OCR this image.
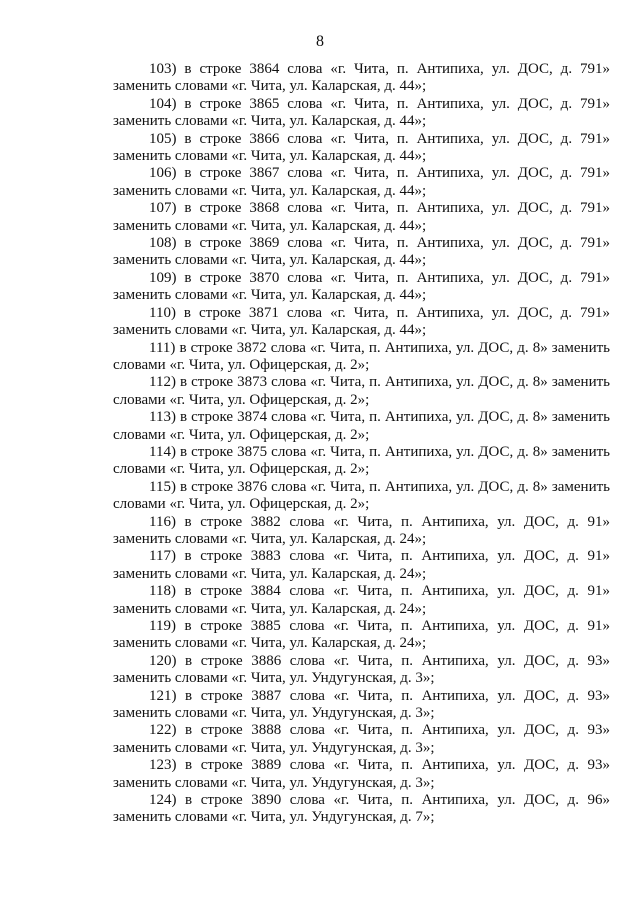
8

103) в строке 3864 слова «г. Чита, п. Антипиха, ул. ДОС, д. 791» заменить словами «г. Чита, ул. Каларская, д. 44»;

104) в строке 3865 слова «г. Чита, п. Антипиха, ул. ДОС, д. 791» заменить словами «г. Чита, ул. Каларская, д. 44»;

105) в строке 3866 слова «г. Чита, п. Антипиха, ул. ДОС, д. 791» заменить словами «г. Чита, ул. Каларская, д. 44»;

106) в строке 3867 слова «г. Чита, п. Антипиха, ул. ДОС, д. 791» заменить словами «г. Чита, ул. Каларская, д. 44»;

107) в строке 3868 слова «г. Чита, п. Антипиха, ул. ДОС, д. 791» заменить словами «г. Чита, ул. Каларская, д. 44»;

108) в строке 3869 слова «г. Чита, п. Антипиха, ул. ДОС, д. 791» заменить словами «г. Чита, ул. Каларская, д. 44»;

109) в строке 3870 слова «г. Чита, п. Антипиха, ул. ДОС, д. 791» заменить словами «г. Чита, ул. Каларская, д. 44»;

110) в строке 3871 слова «г. Чита, п. Антипиха, ул. ДОС, д. 791» заменить словами «г. Чита, ул. Каларская, д. 44»;

111) в строке 3872 слова «г. Чита, п. Антипиха, ул. ДОС, д. 8» заменить словами «г. Чита, ул. Офицерская, д. 2»;

112) в строке 3873 слова «г. Чита, п. Антипиха, ул. ДОС, д. 8» заменить словами «г. Чита, ул. Офицерская, д. 2»;

113) в строке 3874 слова «г. Чита, п. Антипиха, ул. ДОС, д. 8» заменить словами «г. Чита, ул. Офицерская, д. 2»;

114) в строке 3875 слова «г. Чита, п. Антипиха, ул. ДОС, д. 8» заменить словами «г. Чита, ул. Офицерская, д. 2»;

115) в строке 3876 слова «г. Чита, п. Антипиха, ул. ДОС, д. 8» заменить словами «г. Чита, ул. Офицерская, д. 2»;

116) в строке 3882 слова «г. Чита, п. Антипиха, ул. ДОС, д. 91» заменить словами «г. Чита, ул. Каларская, д. 24»;

117) в строке 3883 слова «г. Чита, п. Антипиха, ул. ДОС, д. 91» заменить словами «г. Чита, ул. Каларская, д. 24»;

118) в строке 3884 слова «г. Чита, п. Антипиха, ул. ДОС, д. 91» заменить словами «г. Чита, ул. Каларская, д. 24»;

119) в строке 3885 слова «г. Чита, п. Антипиха, ул. ДОС, д. 91» заменить словами «г. Чита, ул. Каларская, д. 24»;

120) в строке 3886 слова «г. Чита, п. Антипиха, ул. ДОС, д. 93» заменить словами «г. Чита, ул. Ундугунская, д. 3»;

121) в строке 3887 слова «г. Чита, п. Антипиха, ул. ДОС, д. 93» заменить словами «г. Чита, ул. Ундугунская, д. 3»;

122) в строке 3888 слова «г. Чита, п. Антипиха, ул. ДОС, д. 93» заменить словами «г. Чита, ул. Ундугунская, д. 3»;

123) в строке 3889 слова «г. Чита, п. Антипиха, ул. ДОС, д. 93» заменить словами «г. Чита, ул. Ундугунская, д. 3»;

124) в строке 3890 слова «г. Чита, п. Антипиха, ул. ДОС, д. 96» заменить словами «г. Чита, ул. Ундугунская, д. 7»;
